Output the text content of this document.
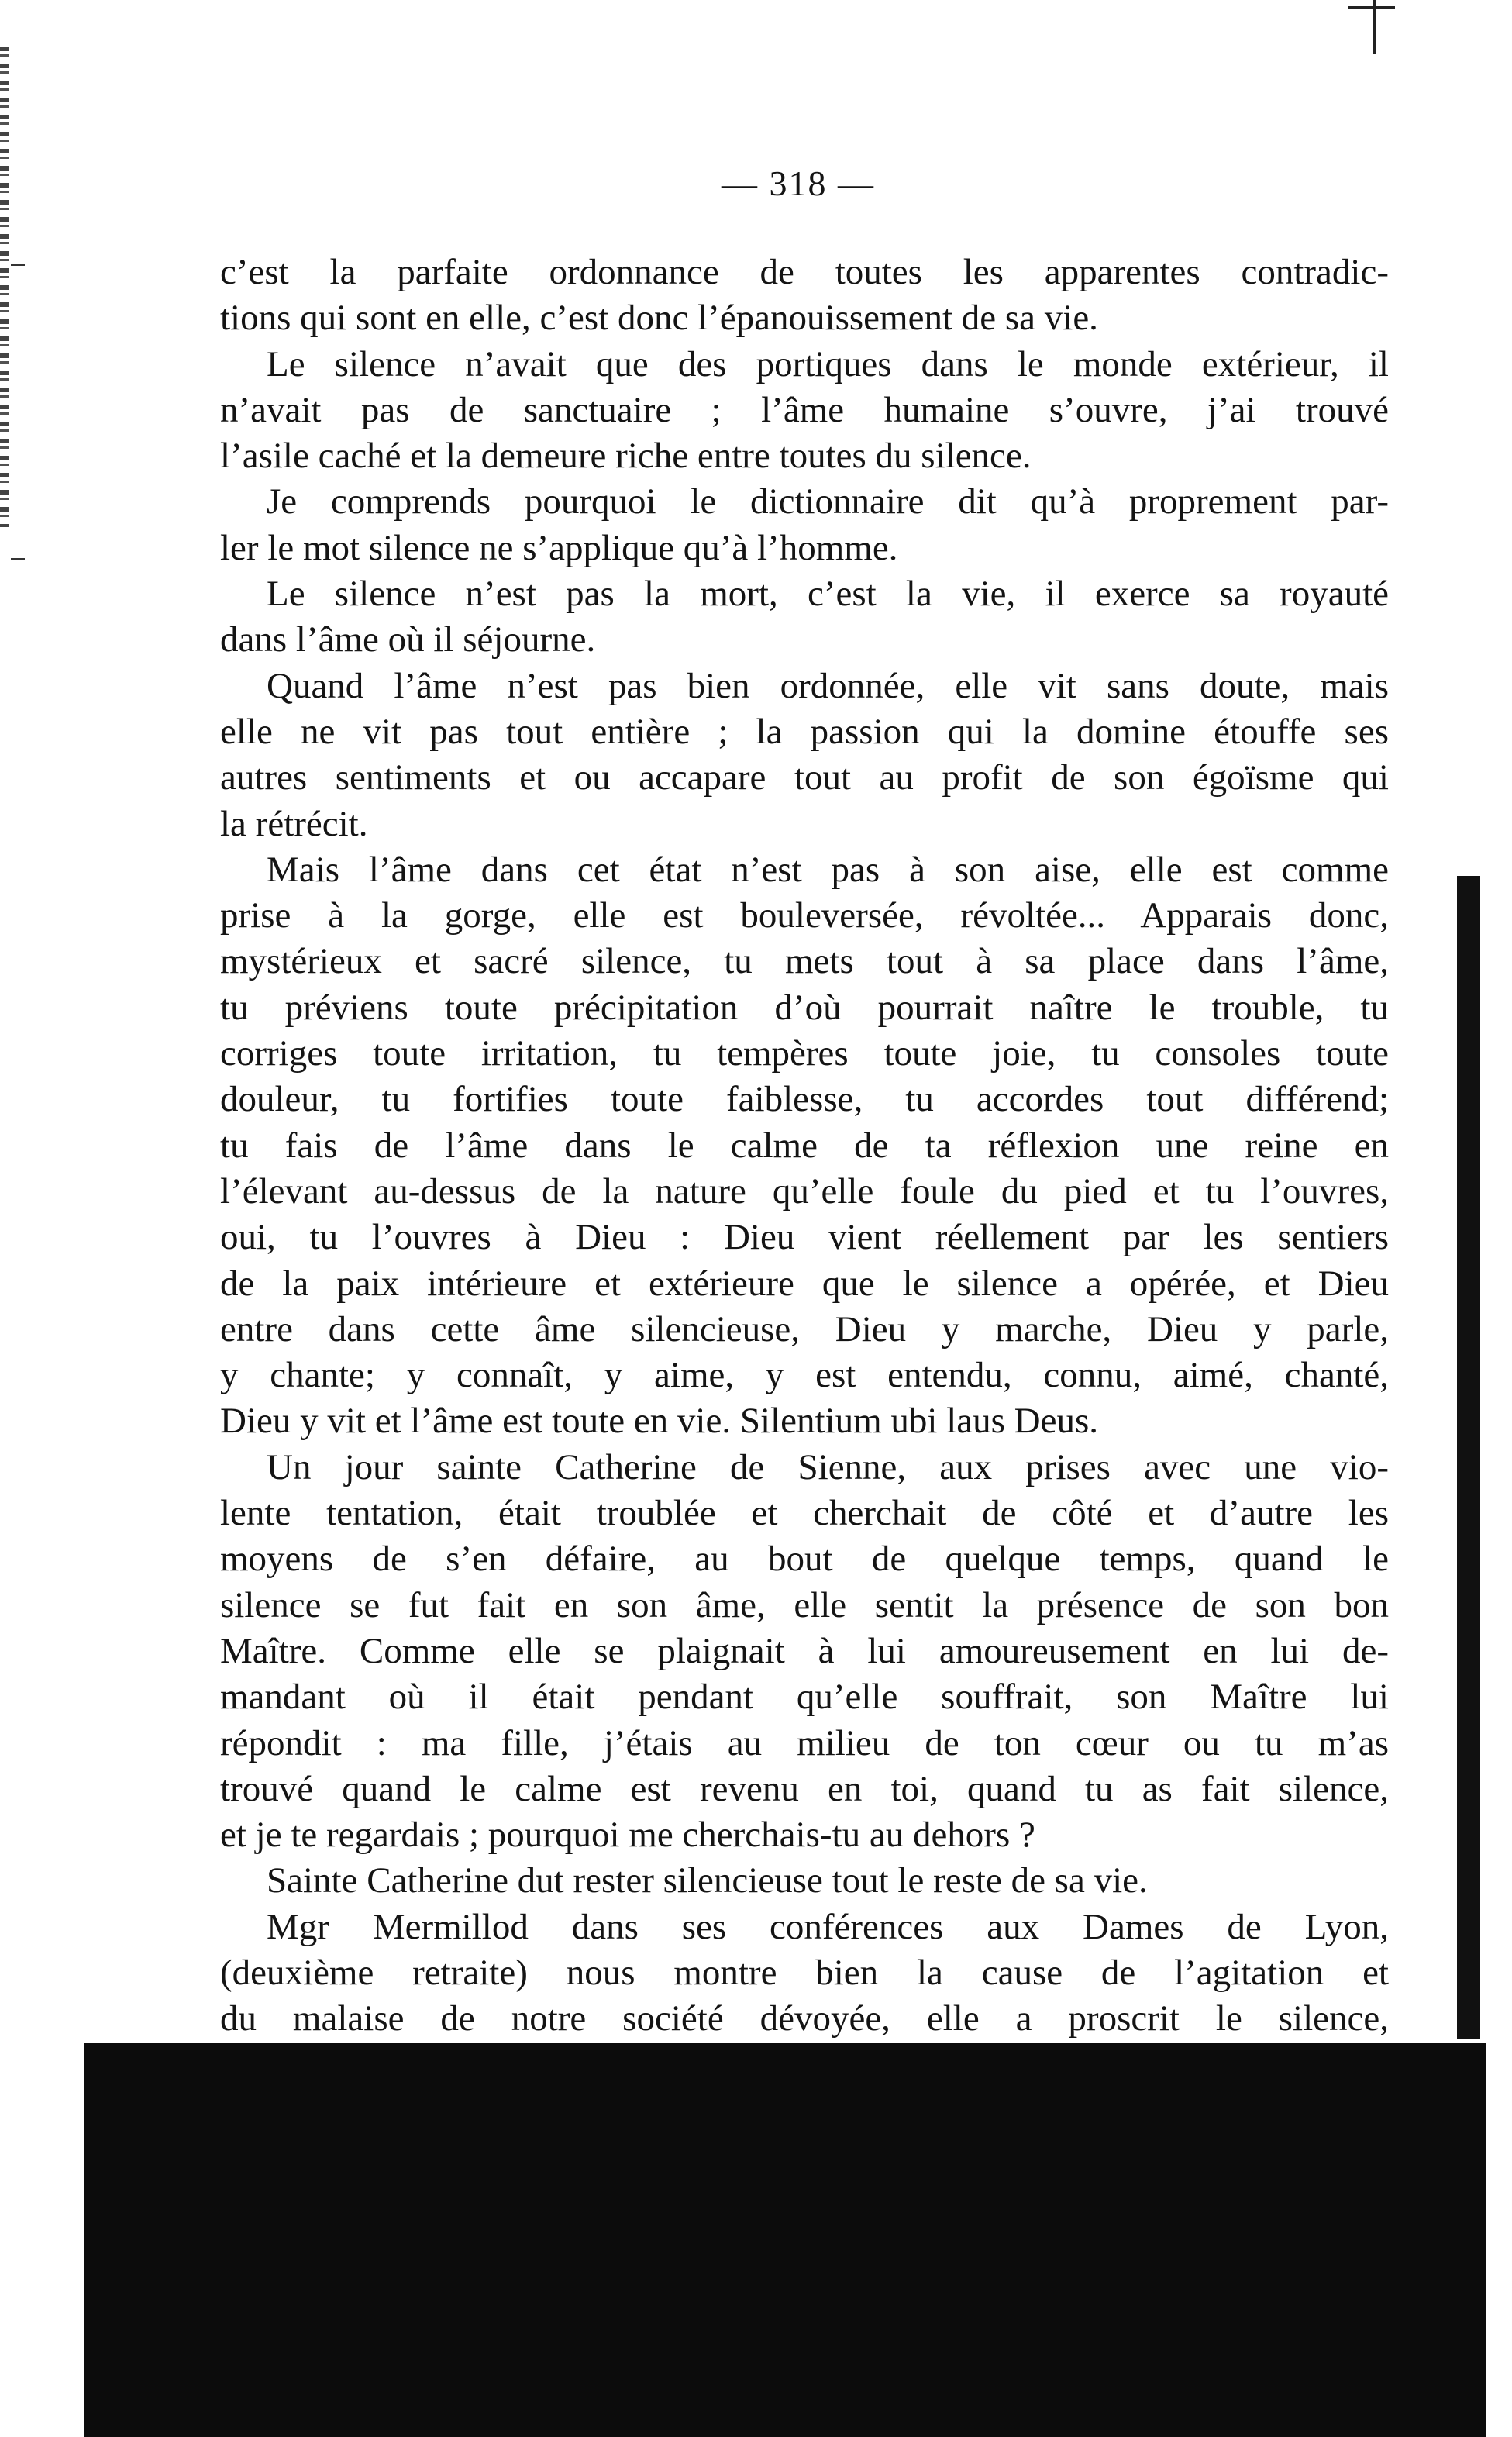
— 318 —
c’est la parfaite ordonnance de toutes les apparentes contradic-
tions qui sont en elle, c’est donc l’épanouissement de sa vie.
Le silence n’avait que des portiques dans le monde extérieur, il
n’avait pas de sanctuaire ; l’âme humaine s’ouvre, j’ai trouvé
l’asile caché et la demeure riche entre toutes du silence.
Je comprends pourquoi le dictionnaire dit qu’à proprement par-
ler le mot silence ne s’applique qu’à l’homme.
Le silence n’est pas la mort, c’est la vie, il exerce sa royauté
dans l’âme où il séjourne.
Quand l’âme n’est pas bien ordonnée, elle vit sans doute, mais
elle ne vit pas tout entière ; la passion qui la domine étouffe ses
autres sentiments et ou accapare tout au profit de son égoïsme qui
la rétrécit.
Mais l’âme dans cet état n’est pas à son aise, elle est comme
prise à la gorge, elle est bouleversée, révoltée... Apparais donc,
mystérieux et sacré silence, tu mets tout à sa place dans l’âme,
tu préviens toute précipitation d’où pourrait naître le trouble, tu
corriges toute irritation, tu tempères toute joie, tu consoles toute
douleur, tu fortifies toute faiblesse, tu accordes tout différend;
tu fais de l’âme dans le calme de ta réflexion une reine en
l’élevant au-dessus de la nature qu’elle foule du pied et tu l’ouvres,
oui, tu l’ouvres à Dieu : Dieu vient réellement par les sentiers
de la paix intérieure et extérieure que le silence a opérée, et Dieu
entre dans cette âme silencieuse, Dieu y marche, Dieu y parle,
y chante; y connaît, y aime, y est entendu, connu, aimé, chanté,
Dieu y vit et l’âme est toute en vie. Silentium ubi laus Deus.
Un jour sainte Catherine de Sienne, aux prises avec une vio-
lente tentation, était troublée et cherchait de côté et d’autre les
moyens de s’en défaire, au bout de quelque temps, quand le
silence se fut fait en son âme, elle sentit la présence de son bon
Maître. Comme elle se plaignait à lui amoureusement en lui de-
mandant où il était pendant qu’elle souffrait, son Maître lui
répondit : ma fille, j’étais au milieu de ton cœur ou tu m’as
trouvé quand le calme est revenu en toi, quand tu as fait silence,
et je te regardais ; pourquoi me cherchais-tu au dehors ?
Sainte Catherine dut rester silencieuse tout le reste de sa vie.
Mgr Mermillod dans ses conférences aux Dames de Lyon,
(deuxième retraite) nous montre bien la cause de l’agitation et
du malaise de notre société dévoyée, elle a proscrit le silence,
